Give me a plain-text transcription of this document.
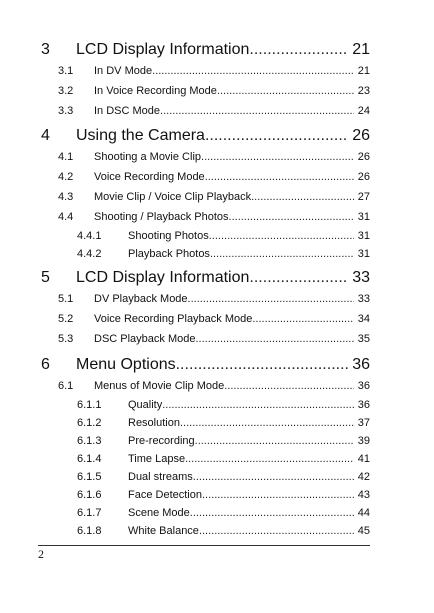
3 LCD Display Information .....	21
3.1 In DV Mode .....	21
3.2 In Voice Recording Mode .....	23
3.3 In DSC Mode .....	24
4 Using the Camera .....	26
4.1 Shooting a Movie Clip .....	26
4.2 Voice Recording Mode .....	26
4.3 Movie Clip / Voice Clip Playback .....	27
4.4 Shooting / Playback Photos .....	31
4.4.1 Shooting Photos .....	31
4.4.2 Playback Photos .....	31
5 LCD Display Information .....	33
5.1 DV Playback Mode .....	33
5.2 Voice Recording Playback Mode .....	34
5.3 DSC Playback Mode .....	35
6 Menu Options .....	36
6.1 Menus of Movie Clip Mode .....	36
6.1.1 Quality .....	36
6.1.2 Resolution .....	37
6.1.3 Pre-recording .....	39
6.1.4 Time Lapse .....	41
6.1.5 Dual streams .....	42
6.1.6 Face Detection .....	43
6.1.7 Scene Mode .....	44
6.1.8 White Balance .....	45
2
